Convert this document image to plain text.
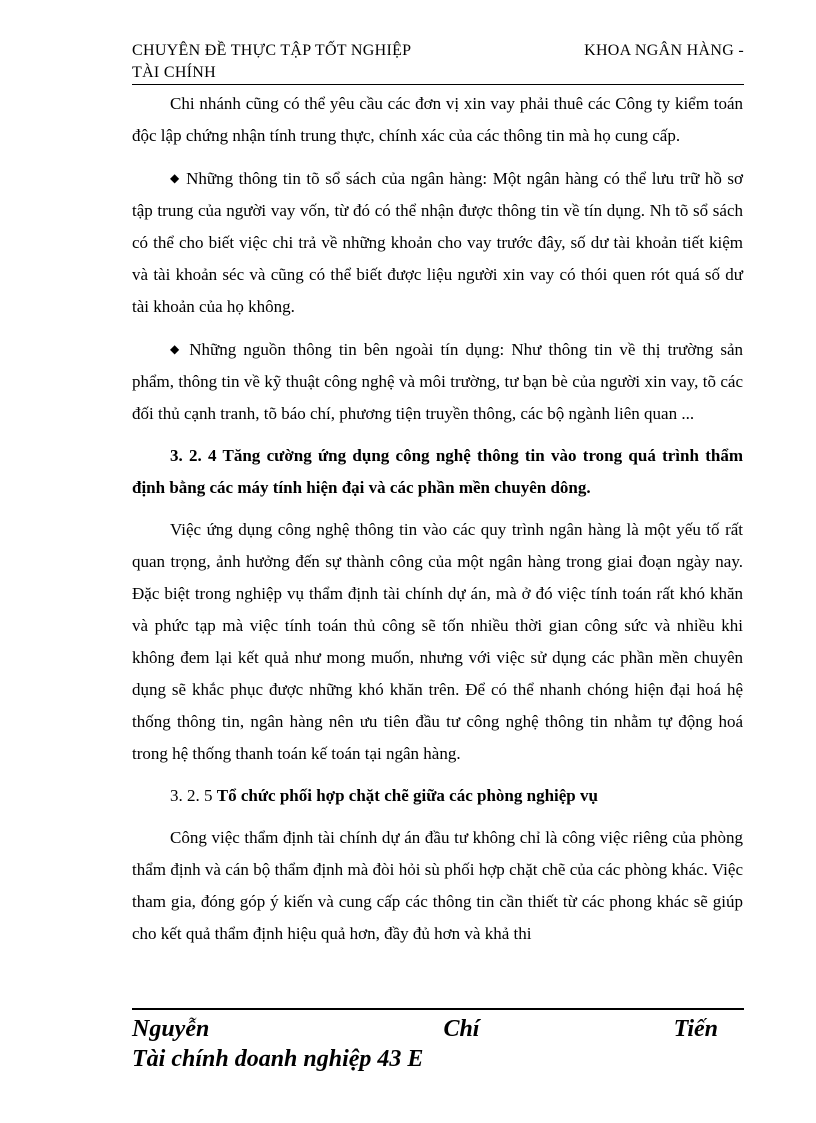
CHUYÊN ĐỀ THỰC TẬP TỐT NGHIỆP	KHOA NGÂN HÀNG -
TÀI CHÍNH

Chi nhánh cũng có thể yêu cầu các đơn vị xin vay phải thuê các Công ty kiểm toán độc lập chứng nhận tính trung thực, chính xác của các thông tin mà họ cung cấp.

◆ Những thông tin tõ sổ sách của ngân hàng: Một ngân hàng có thể lưu trữ hồ sơ tập trung của người vay vốn, từ đó có thể nhận được thông tin về tín dụng. Nh tõ sổ sách có thể cho biết việc chi trả về những khoản cho vay trước đây, số dư tài khoản tiết kiệm và tài khoản séc và cũng có thể biết được liệu người xin vay có thói quen rót quá số dư tài khoản của họ không.

◆ Những nguồn thông tin bên ngoài tín dụng: Như thông tin về thị trường sản phẩm, thông tin về kỹ thuật công nghệ và môi trường, tư bạn bè của người xin vay, tõ các đối thủ cạnh tranh, tõ báo chí, phương tiện truyền thông, các bộ ngành liên quan ...

3. 2. 4 Tăng cường ứng dụng công nghệ thông tin vào trong quá trình thẩm định bằng các máy tính hiện đại và các phần mền chuyên dông.

Việc ứng dụng công nghệ thông tin vào các quy trình ngân hàng là một yếu tố rất quan trọng, ảnh hưởng đến sự thành công của một ngân hàng trong giai đoạn ngày nay. Đặc biệt trong nghiệp vụ thẩm định tài chính dự án, mà ở đó việc tính toán rất khó khăn và phức tạp mà việc tính toán thủ công sẽ tốn nhiều thời gian công sức và nhiều khi không đem lại kết quả như mong muốn, nhưng với việc sử dụng các phần mền chuyên dụng sẽ khắc phục được những khó khăn trên. Để có thể nhanh chóng hiện đại hoá hệ thống thông tin, ngân hàng nên ưu tiên đầu tư công nghệ thông tin nhằm tự động hoá trong hệ thống thanh toán kế toán tại ngân hàng.

3. 2. 5 Tổ chức phối hợp chặt chẽ giữa các phòng nghiệp vụ

Công việc thẩm định tài chính dự án đầu tư không chỉ là công việc riêng của phòng thẩm định và cán bộ thẩm định mà đòi hỏi sù phối hợp chặt chẽ của các phòng khác. Việc tham gia, đóng góp ý kiến và cung cấp các thông tin cần thiết từ các phong khác sẽ giúp cho kết quả thẩm định hiệu quả hơn, đầy đủ hơn và khả thi

Nguyễn	Chí	Tiến
Tài chính doanh nghiệp 43 E
